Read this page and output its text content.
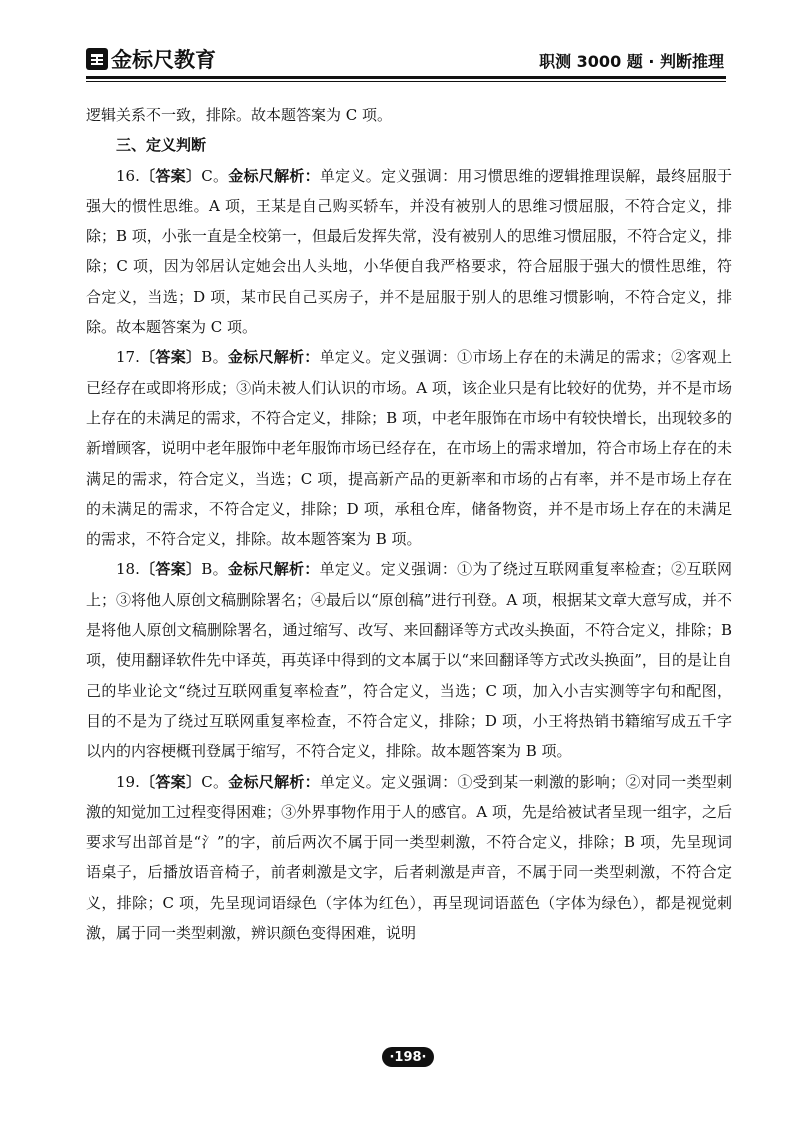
金标尺教育	职测 3000 题 · 判断推理

逻辑关系不一致，排除。故本题答案为 C 项。

三、定义判断

16.〔答案〕C。金标尺解析：单定义。定义强调：用习惯思维的逻辑推理误解，最终屈服于强大的惯性思维。A 项，王某是自己购买轿车，并没有被别人的思维习惯屈服，不符合定义，排除；B 项，小张一直是全校第一，但最后发挥失常，没有被别人的思维习惯屈服，不符合定义，排除；C 项，因为邻居认定她会出人头地，小华便自我严格要求，符合屈服于强大的惯性思维，符合定义，当选；D 项，某市民自己买房子，并不是屈服于别人的思维习惯影响，不符合定义，排除。故本题答案为 C 项。

17.〔答案〕B。金标尺解析：单定义。定义强调：①市场上存在的未满足的需求；②客观上已经存在或即将形成；③尚未被人们认识的市场。A 项，该企业只是有比较好的优势，并不是市场上存在的未满足的需求，不符合定义，排除；B 项，中老年服饰在市场中有较快增长，出现较多的新增顾客，说明中老年服饰中老年服饰市场已经存在，在市场上的需求增加，符合市场上存在的未满足的需求，符合定义，当选；C 项，提高新产品的更新率和市场的占有率，并不是市场上存在的未满足的需求，不符合定义，排除；D 项，承租仓库，储备物资，并不是市场上存在的未满足的需求，不符合定义，排除。故本题答案为 B 项。

18.〔答案〕B。金标尺解析：单定义。定义强调：①为了绕过互联网重复率检查；②互联网上；③将他人原创文稿删除署名；④最后以“原创稿”进行刊登。A 项，根据某文章大意写成，并不是将他人原创文稿删除署名，通过缩写、改写、来回翻译等方式改头换面，不符合定义，排除；B 项，使用翻译软件先中译英，再英译中得到的文本属于以“来回翻译等方式改头换面”，目的是让自己的毕业论文“绕过互联网重复率检查”，符合定义，当选；C 项，加入小吉实测等字句和配图，目的不是为了绕过互联网重复率检查，不符合定义，排除；D 项，小王将热销书籍缩写成五千字以内的内容梗概刊登属于缩写，不符合定义，排除。故本题答案为 B 项。

19.〔答案〕C。金标尺解析：单定义。定义强调：①受到某一刺激的影响；②对同一类型刺激的知觉加工过程变得困难；③外界事物作用于人的感官。A 项，先是给被试者呈现一组字，之后要求写出部首是“氵”的字，前后两次不属于同一类型刺激，不符合定义，排除；B 项，先呈现词语桌子，后播放语音椅子，前者刺激是文字，后者刺激是声音，不属于同一类型刺激，不符合定义，排除；C 项，先呈现词语绿色（字体为红色），再呈现词语蓝色（字体为绿色），都是视觉刺激，属于同一类型刺激，辨识颜色变得困难，说明

·198·
